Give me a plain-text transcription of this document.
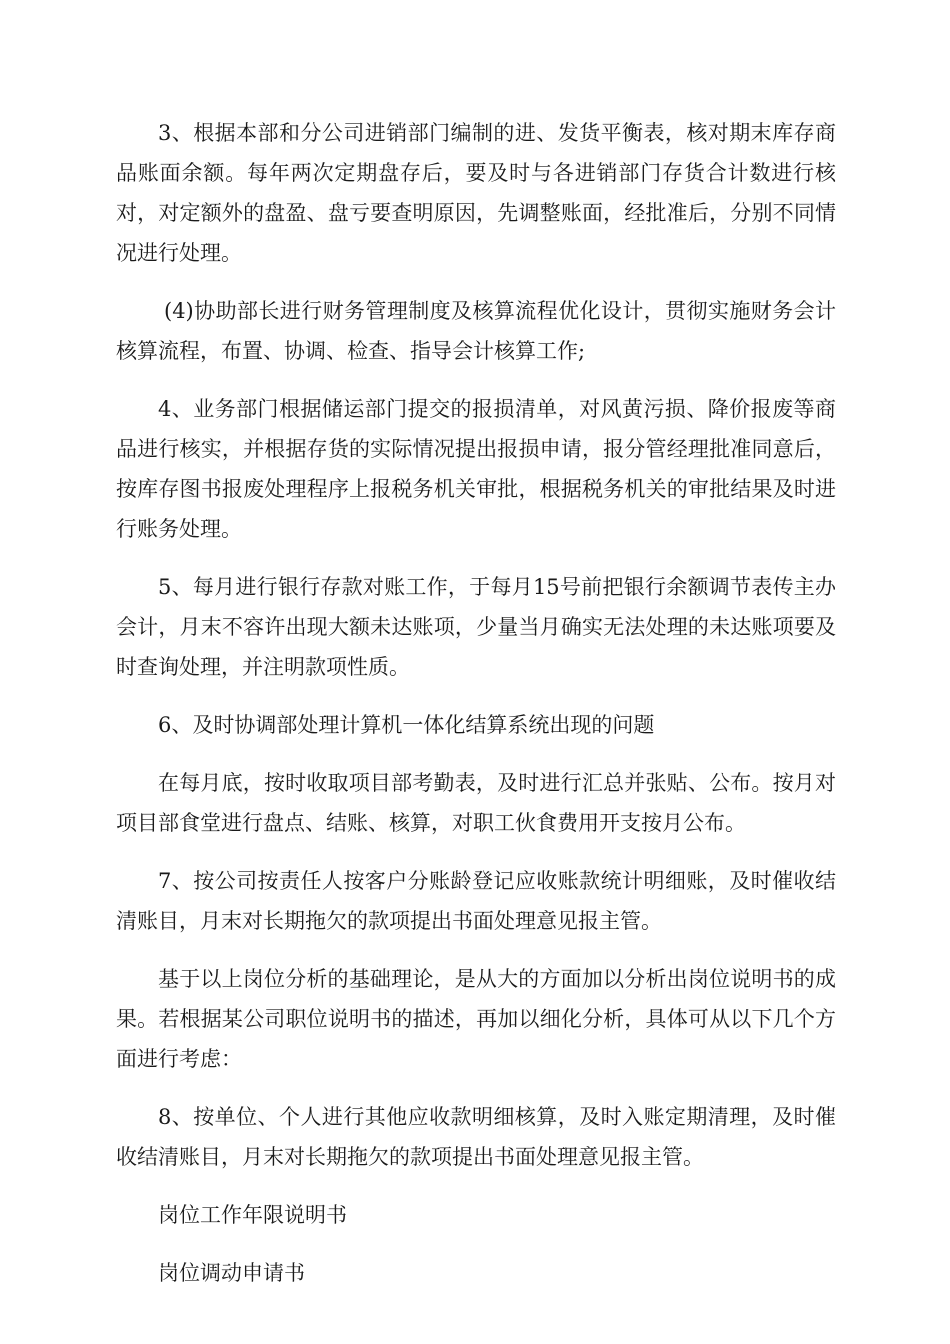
3、根据本部和分公司进销部门编制的进、发货平衡表，核对期末库存商品账面余额。每年两次定期盘存后，要及时与各进销部门存货合计数进行核对，对定额外的盘盈、盘亏要查明原因，先调整账面，经批准后，分别不同情况进行处理。

(4)协助部长进行财务管理制度及核算流程优化设计，贯彻实施财务会计核算流程，布置、协调、检查、指导会计核算工作;

4、业务部门根据储运部门提交的报损清单，对风黄污损、降价报废等商品进行核实，并根据存货的实际情况提出报损申请，报分管经理批准同意后，按库存图书报废处理程序上报税务机关审批，根据税务机关的审批结果及时进行账务处理。

5、每月进行银行存款对账工作，于每月15号前把银行余额调节表传主办会计，月末不容许出现大额未达账项，少量当月确实无法处理的未达账项要及时查询处理，并注明款项性质。

6、及时协调部处理计算机一体化结算系统出现的问题

在每月底，按时收取项目部考勤表，及时进行汇总并张贴、公布。按月对项目部食堂进行盘点、结账、核算，对职工伙食费用开支按月公布。

7、按公司按责任人按客户分账龄登记应收账款统计明细账，及时催收结清账目，月末对长期拖欠的款项提出书面处理意见报主管。

基于以上岗位分析的基础理论，是从大的方面加以分析出岗位说明书的成果。若根据某公司职位说明书的描述，再加以细化分析，具体可从以下几个方面进行考虑：

8、按单位、个人进行其他应收款明细核算，及时入账定期清理，及时催收结清账目，月末对长期拖欠的款项提出书面处理意见报主管。

岗位工作年限说明书

岗位调动申请书
